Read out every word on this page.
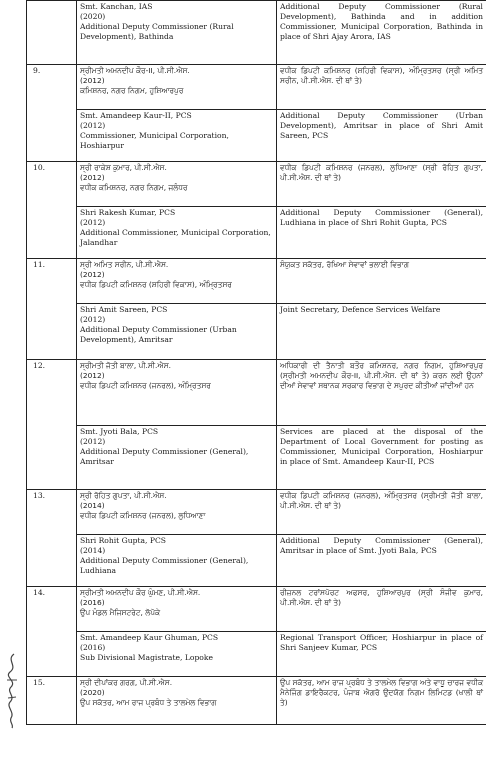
	Smt. Kanchan, IAS
(2020)
Additional Deputy Commissioner (Rural Development), Bathinda	Additional Deputy Commissioner (Rural Development), Bathinda and in addition Commissioner, Municipal Corporation, Bathinda in place of Shri Ajay Arora, IAS

9.	ਸ੍ਰੀਮਤੀ ਅਮਨਦੀਪ ਕੌਰ-II, ਪੀ.ਸੀ.ਐਸ.
(2012)
ਕਮਿਸ਼ਨਰ, ਨਗਰ ਨਿਗਮ, ਹੁਸ਼ਿਆਰਪੁਰ	ਵਧੀਕ ਡਿਪਟੀ ਕਮਿਸ਼ਨਰ (ਸ਼ਹਿਰੀ ਵਿਕਾਸ), ਅੰਮ੍ਰਿਤਸਰ (ਸ੍ਰੀ ਅਮਿਤ ਸਰੀਨ, ਪੀ.ਸੀ.ਐਸ. ਦੀ ਥਾਂ ਤੇ)

	Smt. Amandeep Kaur-II, PCS
(2012)
Commissioner, Municipal Corporation, Hoshiarpur	Additional Deputy Commissioner (Urban Development), Amritsar in place of Shri Amit Sareen, PCS

10.	ਸ੍ਰੀ ਰਾਕੇਸ਼ ਕੁਮਾਰ, ਪੀ.ਸੀ.ਐਸ.
(2012)
ਵਧੀਕ ਕਮਿਸ਼ਨਰ, ਨਗਰ ਨਿਗਮ, ਜਲੰਧਰ	ਵਧੀਕ ਡਿਪਟੀ ਕਮਿਸ਼ਨਰ (ਜਨਰਲ), ਲੁਧਿਆਣਾ (ਸ੍ਰੀ ਰੋਹਿਤ ਗੁਪਤਾ, ਪੀ.ਸੀ.ਐਸ. ਦੀ ਥਾਂ ਤੇ)

	Shri Rakesh Kumar, PCS
(2012)
Additional Commissioner, Municipal Corporation, Jalandhar	Additional Deputy Commissioner (General), Ludhiana in place of Shri Rohit Gupta, PCS

11.	ਸ੍ਰੀ ਅਮਿਤ ਸਰੀਨ, ਪੀ.ਸੀ.ਐਸ.
(2012)
ਵਧੀਕ ਡਿਪਟੀ ਕਮਿਸ਼ਨਰ (ਸ਼ਹਿਰੀ ਵਿਕਾਸ), ਅੰਮ੍ਰਿਤਸਰ	ਸੰਯੁਕਤ ਸਕੱਤਰ, ਰੱਖਿਆ ਸੇਵਾਵਾਂ ਭਲਾਈ ਵਿਭਾਗ

	Shri Amit Sareen, PCS
(2012)
Additional Deputy Commissioner (Urban Development), Amritsar	Joint Secretary, Defence Services Welfare

12.	ਸ੍ਰੀਮਤੀ ਜੋਤੀ ਬਾਲਾ, ਪੀ.ਸੀ.ਐਸ.
(2012)
ਵਧੀਕ ਡਿਪਟੀ ਕਮਿਸ਼ਨਰ (ਜਨਰਲ), ਅੰਮ੍ਰਿਤਸਰ	ਅਧਿਕਾਰੀ ਦੀ ਤੈਨਾਤੀ ਬਤੌਰ ਕਮਿਸ਼ਨਰ, ਨਗਰ ਨਿਗਮ, ਹੁਸ਼ਿਆਰਪੁਰ (ਸ੍ਰੀਮਤੀ ਅਮਨਦੀਪ ਕੌਰ-II, ਪੀ.ਸੀ.ਐਸ. ਦੀ ਥਾਂ ਤੇ) ਕਰਨ ਲਈ ਉਹਨਾਂ ਦੀਆਂ ਸੇਵਾਵਾਂ ਸਥਾਨਕ ਸਰਕਾਰ ਵਿਭਾਗ ਦੇ ਸਪੁਰਦ ਕੀਤੀਆਂ ਜਾਂਦੀਆਂ ਹਨ

	Smt. Jyoti Bala, PCS
(2012)
Additional Deputy Commissioner (General), Amritsar	Services are placed at the disposal of the Department of Local Government for posting as Commissioner, Municipal Corporation, Hoshiarpur in place of Smt. Amandeep Kaur-II, PCS

13.	ਸ੍ਰੀ ਰੋਹਿਤ ਗੁਪਤਾ, ਪੀ.ਸੀ.ਐਸ.
(2014)
ਵਧੀਕ ਡਿਪਟੀ ਕਮਿਸ਼ਨਰ (ਜਨਰਲ), ਲੁਧਿਆਣਾ	ਵਧੀਕ ਡਿਪਟੀ ਕਮਿਸ਼ਨਰ (ਜਨਰਲ), ਅੰਮ੍ਰਿਤਸਰ (ਸ੍ਰੀਮਤੀ ਜੋਤੀ ਬਾਲਾ, ਪੀ.ਸੀ.ਐਸ. ਦੀ ਥਾਂ ਤੇ)

	Shri Rohit Gupta, PCS
(2014)
Additional Deputy Commissioner (General), Ludhiana	Additional Deputy Commissioner (General), Amritsar in place of Smt. Jyoti Bala, PCS

14.	ਸ੍ਰੀਮਤੀ ਅਮਨਦੀਪ ਕੌਰ ਘੁੰਮਣ, ਪੀ.ਸੀ.ਐਸ.
(2016)
ਉਪ ਮੰਡਲ ਮੈਜਿਸਟਰੇਟ, ਲੋਪੋਕੇ	ਰੀਜ਼ਨਲ ਟਰਾਂਸਪੋਰਟ ਅਫਸਰ, ਹੁਸ਼ਿਆਰਪੁਰ (ਸ੍ਰੀ ਸੰਜੀਵ ਕੁਮਾਰ, ਪੀ.ਸੀ.ਐਸ. ਦੀ ਥਾਂ ਤੇ)

	Smt. Amandeep Kaur Ghuman, PCS
(2016)
Sub Divisional Magistrate, Lopoke	Regional Transport Officer, Hoshiarpur in place of Shri Sanjeev Kumar, PCS

15.	ਸ੍ਰੀ ਦੀਪਾਂਕਰ ਗਰਗ, ਪੀ.ਸੀ.ਐਸ.
(2020)
ਉਪ ਸਕੱਤਰ, ਆਮ ਰਾਜ ਪ੍ਰਬੰਧ ਤੇ ਤਾਲਮੇਲ ਵਿਭਾਗ	ਉਪ ਸਕੱਤਰ, ਆਮ ਰਾਜ ਪ੍ਰਬੰਧ ਤੇ ਤਾਲਮੇਲ ਵਿਭਾਗ ਅਤੇ ਵਾਧੂ ਚਾਰਜ ਵਧੀਕ ਮੈਨੇਜਿੰਗ ਡਾਇਰੈਕਟਰ, ਪੰਜਾਬ ਐਗਰੋ ਉਦਯੋਗ ਨਿਗਮ ਲਿਮਿਟਡ (ਖਾਲੀ ਥਾਂ ਤੇ)
